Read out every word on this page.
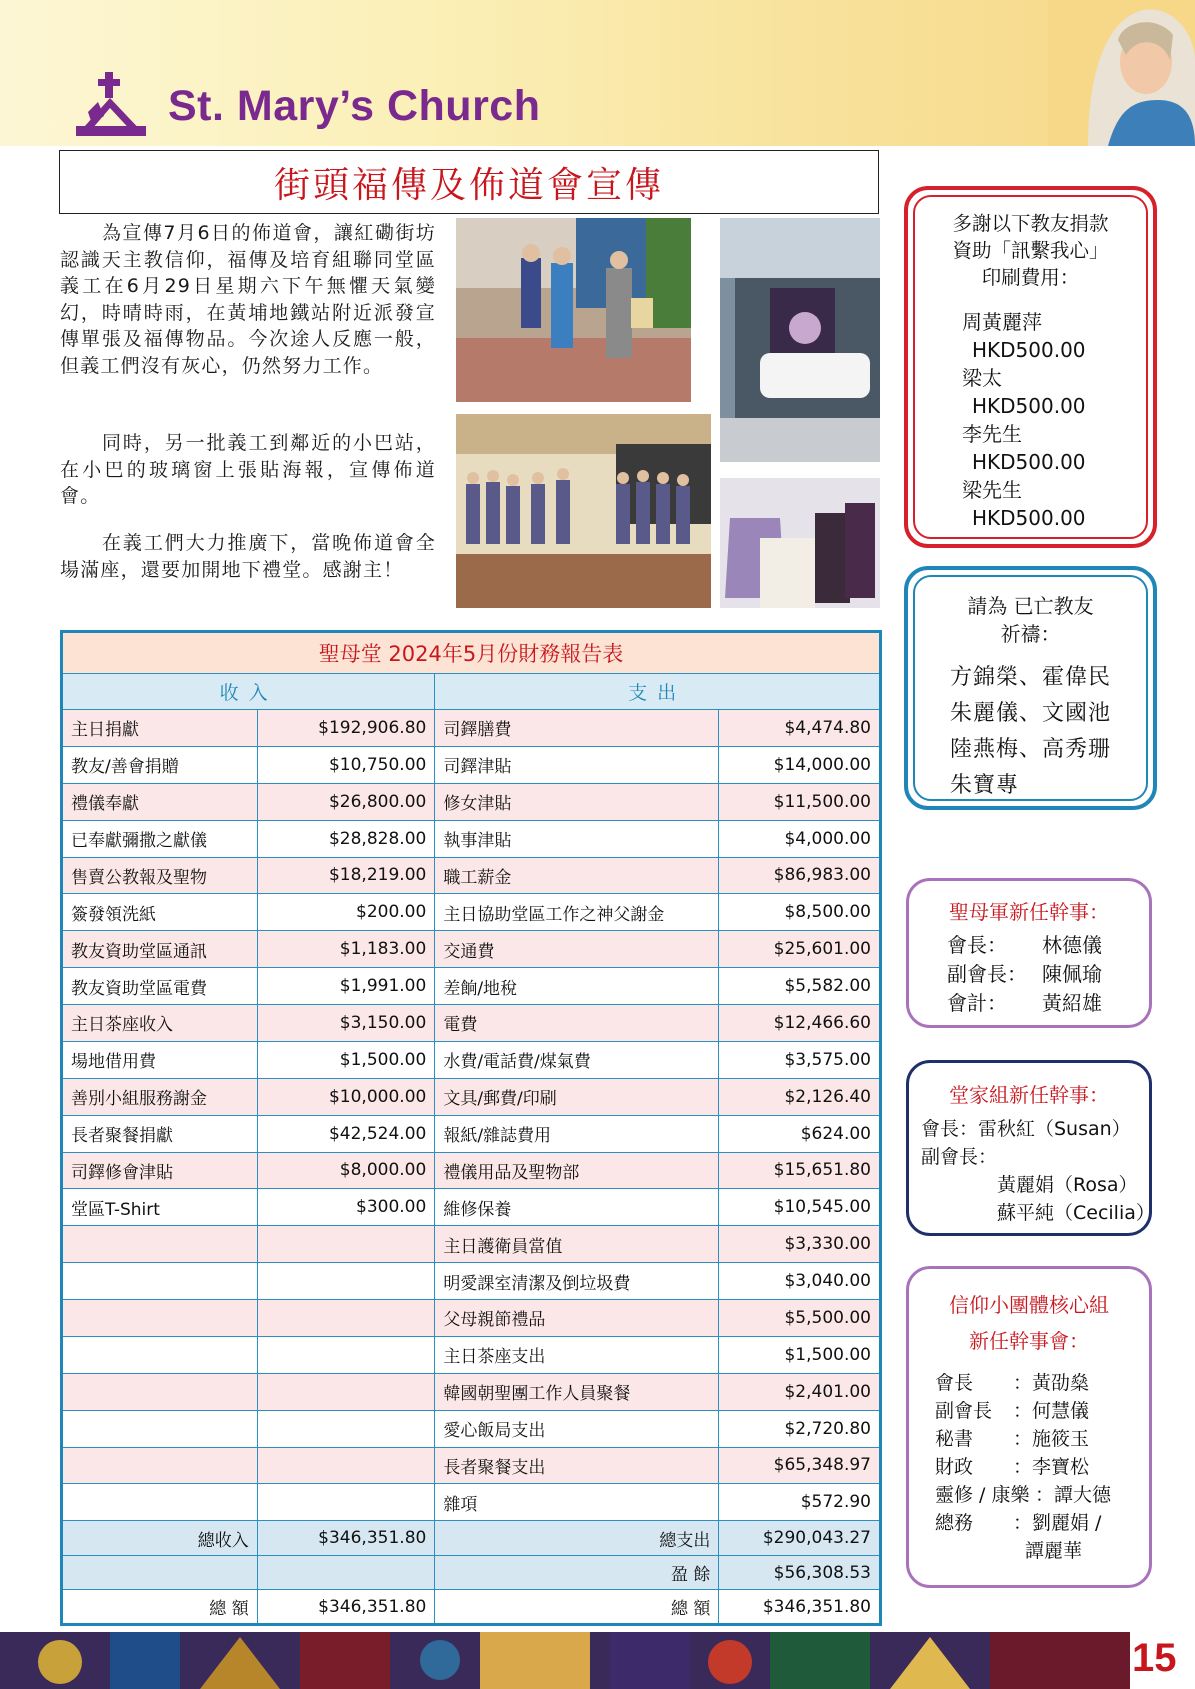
St. Mary’s Church
街頭福傳及佈道會宣傳
為宣傳7月6日的佈道會，讓紅磡街坊認識天主教信仰，福傳及培育組聯同堂區義工在6月29日星期六下午無懼天氣變幻，時晴時雨，在黃埔地鐵站附近派發宣傳單張及福傳物品。今次途人反應一般，但義工們沒有灰心，仍然努力工作。
同時，另一批義工到鄰近的小巴站，在小巴的玻璃窗上張貼海報，宣傳佈道會。
在義工們大力推廣下，當晚佈道會全場滿座，還要加開地下禮堂。感謝主！
聖母堂 2024年5月份財務報告表			
收入		支出	
主日捐獻	$192,906.80	司鐸膳費	$4,474.80
教友/善會捐贈	$10,750.00	司鐸津貼	$14,000.00
禮儀奉獻	$26,800.00	修女津貼	$11,500.00
已奉獻彌撒之獻儀	$28,828.00	執事津貼	$4,000.00
售賣公教報及聖物	$18,219.00	職工薪金	$86,983.00
簽發領洗紙	$200.00	主日協助堂區工作之神父謝金	$8,500.00
教友資助堂區通訊	$1,183.00	交通費	$25,601.00
教友資助堂區電費	$1,991.00	差餉/地稅	$5,582.00
主日茶座收入	$3,150.00	電費	$12,466.60
場地借用費	$1,500.00	水費/電話費/煤氣費	$3,575.00
善別小組服務謝金	$10,000.00	文具/郵費/印刷	$2,126.40
長者聚餐捐獻	$42,524.00	報紙/雜誌費用	$624.00
司鐸修會津貼	$8,000.00	禮儀用品及聖物部	$15,651.80
堂區T-Shirt	$300.00	維修保養	$10,545.00
		主日護衛員當值	$3,330.00
		明愛課室清潔及倒垃圾費	$3,040.00
		父母親節禮品	$5,500.00
		主日茶座支出	$1,500.00
		韓國朝聖團工作人員聚餐	$2,401.00
		愛心飯局支出	$2,720.80
		長者聚餐支出	$65,348.97
		雜項	$572.90
總收入	$346,351.80	總支出	$290,043.27
		盈 餘	$56,308.53
總 額	$346,351.80	總 額	$346,351.80
多謝以下教友捐款
資助「訊繫我心」
印刷費用：
周黃麗萍
HKD500.00
梁太
HKD500.00
李先生
HKD500.00
梁先生
HKD500.00
請為 已亡教友
祈禱：
方錦榮、霍偉民
朱麗儀、文國池
陸燕梅、高秀珊
朱寶專
聖母軍新任幹事：
會長： 林德儀
副會長： 陳佩瑜
會計： 黃紹雄
堂家組新任幹事：
會長：雷秋紅（Susan）
副會長：
黃麗娟（Rosa）
蘇平純（Cecilia）
信仰小團體核心組
新任幹事會：
會長 ：黃劭燊
副會長 ：何慧儀
秘書 ：施筱玉
財政 ：李寶松
靈修 / 康樂 ：譚大德
總務 ：劉麗娟 /
譚麗華
15
